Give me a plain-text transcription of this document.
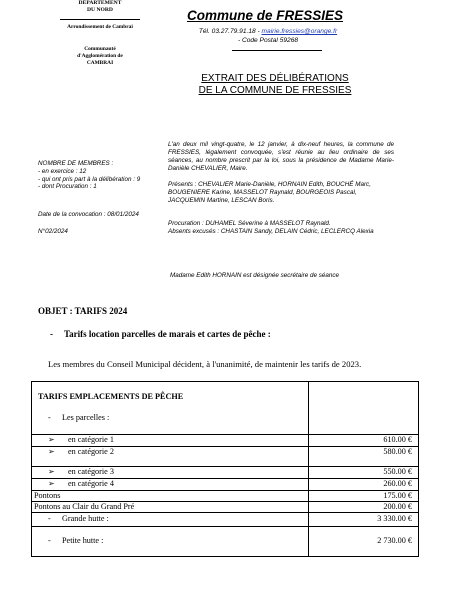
DÉPARTEMENT
DU NORD
Arrondissement de Cambrai
Communauté
d'Agglomération de
CAMBRAI
Commune de FRESSIES
Tél. 03.27.79.91.18 - mairie.fressies@orange.fr
- Code Postal 59268
EXTRAIT DES DÉLIBÉRATIONS
DE LA COMMUNE DE FRESSIES
L'an deux mil vingt-quatre, le 12 janvier, à dix-neuf heures, la commune de FRESSIES, légalement convoquée, s'est réunie au lieu ordinaire de ses séances, au nombre prescrit par la loi, sous la présidence de Madame Marie-Danièle CHEVALIER, Maire.
NOMBRE DE MEMBRES :
- en exercice : 12
- qui ont pris part à la délibération : 9
- dont Procuration : 1	Présents : CHEVALIER Marie-Danièle, HORNAIN Edith, BOUCHÉ Marc, BOUGENIERE Karine, MASSELOT Raynald, BOURGEOIS Pascal, JACQUEMIN Martine, LESCAN Boris.
Date de la convocation : 08/01/2024
N°02/2024
Procuration : DUHAMEL Séverine à MASSELOT Raynald.
Absents excusés : CHASTAIN Sandy, DELAIN Cédric, LECLERCQ Alexia
Madame Edith HORNAIN est désignée secrétaire de séance
OBJET : TARIFS 2024
- Tarifs location parcelles de marais et cartes de pêche :
Les membres du Conseil Municipal décident, à l'unanimité, de maintenir les tarifs de 2023.
TARIFS EMPLACEMENTS DE PÊCHE
- Les parcelles :
➢ en catégorie 1	610.00 €
➢ en catégorie 2	580.00 €
➢ en catégorie 3	550.00 €
➢ en catégorie 4	260.00 €
Pontons	175.00 €
Pontons au Clair du Grand Pré	200.00 €
- Grande hutte :	3 330.00 €
- Petite hutte :	2 730.00 €
